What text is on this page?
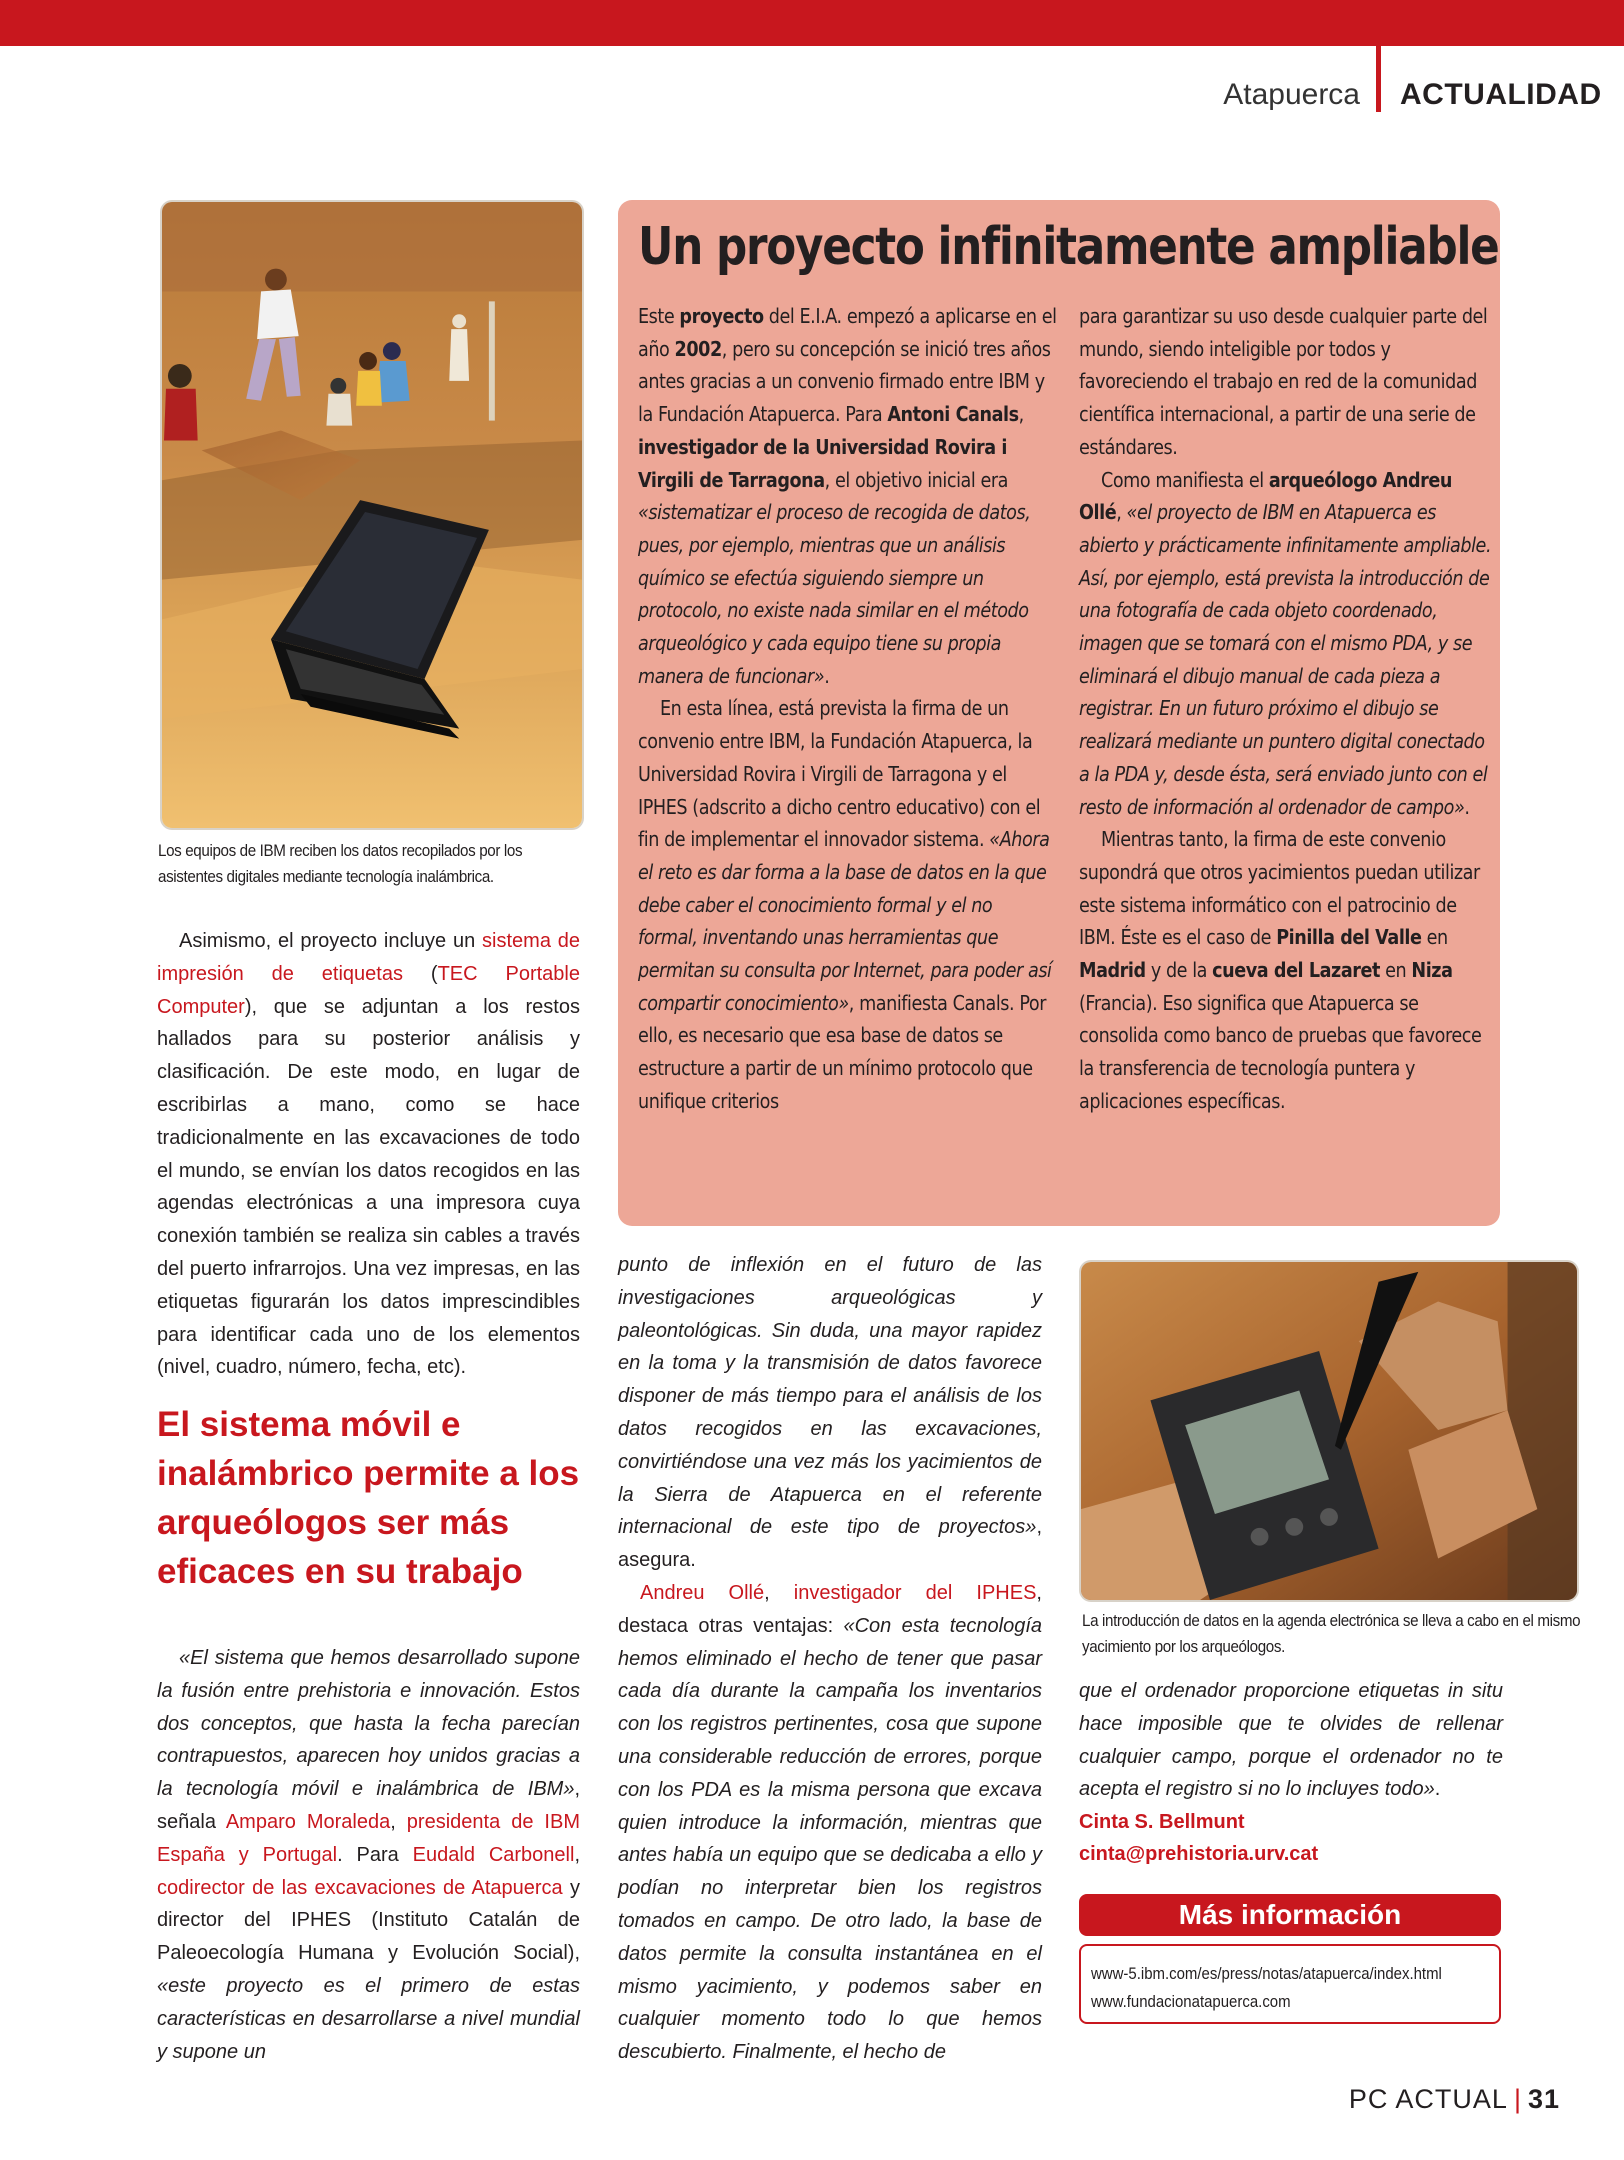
Atapuerca ACTUALIDAD
Los equipos de IBM reciben los datos recopilados por los asistentes digitales mediante tecnología inalámbrica.

Asimismo, el proyecto incluye un sistema de impresión de etiquetas (TEC Portable Computer), que se adjuntan a los restos hallados para su posterior análisis y clasificación. De este modo, en lugar de escribirlas a mano, como se hace tradicionalmente en las excavaciones de todo el mundo, se envían los datos recogidos en las agendas electrónicas a una impresora cuya conexión también se realiza sin cables a través del puerto infrarrojos. Una vez impresas, en las etiquetas figurarán los datos imprescindibles para identificar cada uno de los elementos (nivel, cuadro, número, fecha, etc).

El sistema móvil e inalámbrico permite a los arqueólogos ser más eficaces en su trabajo

«El sistema que hemos desarrollado supone la fusión entre prehistoria e innovación. Estos dos conceptos, que hasta la fecha parecían contrapuestos, aparecen hoy unidos gracias a la tecnología móvil e inalámbrica de IBM», señala Amparo Moraleda, presidenta de IBM España y Portugal. Para Eudald Carbonell, codirector de las excavaciones de Atapuerca y director del IPHES (Instituto Catalán de Paleoecología Humana y Evolución Social), «este proyecto es el primero de estas características en desarrollarse a nivel mundial y supone un

Un proyecto infinitamente ampliable

Este proyecto del E.I.A. empezó a aplicarse en el año 2002, pero su concepción se inició tres años antes gracias a un convenio firmado entre IBM y la Fundación Atapuerca. Para Antoni Canals, investigador de la Universidad Rovira i Virgili de Tarragona, el objetivo inicial era «sistematizar el proceso de recogida de datos, pues, por ejemplo, mientras que un análisis químico se efectúa siguiendo siempre un protocolo, no existe nada similar en el método arqueológico y cada equipo tiene su propia manera de funcionar».

En esta línea, está prevista la firma de un convenio entre IBM, la Fundación Atapuerca, la Universidad Rovira i Virgili de Tarragona y el IPHES (adscrito a dicho centro educativo) con el fin de implementar el innovador sistema. «Ahora el reto es dar forma a la base de datos en la que debe caber el conocimiento formal y el no formal, inventando unas herramientas que permitan su consulta por Internet, para poder así compartir conocimiento», manifiesta Canals. Por ello, es necesario que esa base de datos se estructure a partir de un mínimo protocolo que unifique criterios

para garantizar su uso desde cualquier parte del mundo, siendo inteligible por todos y favoreciendo el trabajo en red de la comunidad científica internacional, a partir de una serie de estándares.

Como manifiesta el arqueólogo Andreu Ollé, «el proyecto de IBM en Atapuerca es abierto y prácticamente infinitamente ampliable. Así, por ejemplo, está prevista la introducción de una fotografía de cada objeto coordenado, imagen que se tomará con el mismo PDA, y se eliminará el dibujo manual de cada pieza a registrar. En un futuro próximo el dibujo se realizará mediante un puntero digital conectado a la PDA y, desde ésta, será enviado junto con el resto de información al ordenador de campo».

Mientras tanto, la firma de este convenio supondrá que otros yacimientos puedan utilizar este sistema informático con el patrocinio de IBM. Éste es el caso de Pinilla del Valle en Madrid y de la cueva del Lazaret en Niza (Francia). Eso significa que Atapuerca se consolida como banco de pruebas que favorece la transferencia de tecnología puntera y aplicaciones específicas.

punto de inflexión en el futuro de las investigaciones arqueológicas y paleontológicas. Sin duda, una mayor rapidez en la toma y la transmisión de datos favorece disponer de más tiempo para el análisis de los datos recogidos en las excavaciones, convirtiéndose una vez más los yacimientos de la Sierra de Atapuerca en el referente internacional de este tipo de proyectos», asegura.

Andreu Ollé, investigador del IPHES, destaca otras ventajas: «Con esta tecnología hemos eliminado el hecho de tener que pasar cada día durante la campaña los inventarios con los registros pertinentes, cosa que supone una considerable reducción de errores, porque con los PDA es la misma persona que excava quien introduce la información, mientras que antes había un equipo que se dedicaba a ello y podían no interpretar bien los registros tomados en campo. De otro lado, la base de datos permite la consulta instantánea en el mismo yacimiento, y podemos saber en cualquier momento todo lo que hemos descubierto. Finalmente, el hecho de

La introducción de datos en la agenda electrónica se lleva a cabo en el mismo yacimiento por los arqueólogos.

que el ordenador proporcione etiquetas in situ hace imposible que te olvides de rellenar cualquier campo, porque el ordenador no te acepta el registro si no lo incluyes todo».

Cinta S. Bellmunt
cinta@prehistoria.urv.cat
Más información
www-5.ibm.com/es/press/notas/atapuerca/index.html
www.fundacionatapuerca.com
PC ACTUAL | 31
